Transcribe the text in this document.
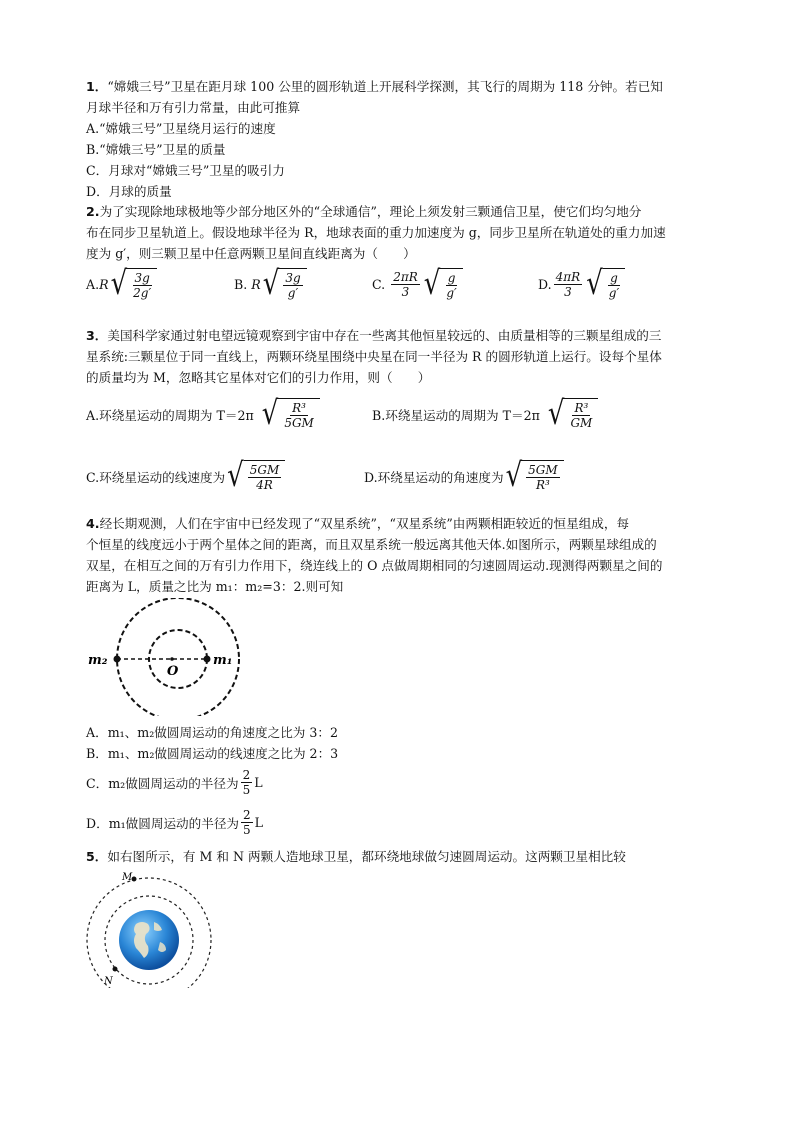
1．“嫦娥三号”卫星在距月球 100 公里的圆形轨道上开展科学探测，其飞行的周期为 118 分钟。若已知
月球半径和万有引力常量，由此可推算
A.“嫦娥三号”卫星绕月运行的速度
B.“嫦娥三号”卫星的质量
C．月球对“嫦娥三号”卫星的吸引力
D．月球的质量
2.为了实现除地球极地等少部分地区外的“全球通信”，理论上须发射三颗通信卫星，使它们均匀地分
布在同步卫星轨道上。假设地球半径为 R，地球表面的重力加速度为 g，同步卫星所在轨道处的重力加速
度为 g′，则三颗卫星中任意两颗卫星间直线距离为（　　）
A. R √ $\frac{3g}{2g'}$	B.
R √ $\frac{3g}{g'}$	C.
$\frac{2\pi R}{3}$ √ $\frac{g}{g'}$	D. $\frac{4\pi R}{3}$ √ $\frac{g}{g'}$
3．美国科学家通过射电望远镜观察到宇宙中存在一些离其他恒星较远的、由质量相等的三颗星组成的三
星系统:三颗星位于同一直线上，两颗环绕星围绕中央星在同一半径为 R 的圆形轨道上运行。设每个星体
的质量均为 M，忽略其它星体对它们的引力作用，则（　　）
A.环绕星运动的周期为 T＝2π √ $\frac{\text{R³}}{5GM}$	B.环绕星运动的周期为 T＝2π √ $\frac{\text{R³}}{GM}$
C.环绕星运动的线速度为 √ $\frac{5GM}{4R}$	D.环绕星运动的角速度为 √ $\frac{5GM}{\text{R³}}$
4.经长期观测，人们在宇宙中已经发现了“双星系统”，“双星系统”由两颗相距较近的恒星组成，每
个恒星的线度远小于两个星体之间的距离，而且双星系统一般远离其他天体.如图所示，两颗星球组成的
双星，在相互之间的万有引力作用下，绕连线上的 O 点做周期相同的匀速圆周运动.现测得两颗星之间的
距离为 L，质量之比为 m₁：m₂=3：2.则可知
m₂	m₁
O
A．m₁、m₂做圆周运动的角速度之比为 3：2
B．m₁、m₂做圆周运动的线速度之比为 2：3
C．m₂做圆周运动的半径为 $\frac{2}{5}$ L
D．m₁做圆周运动的半径为 $\frac{2}{5}$ L
5．如右图所示，有 M 和 N 两颗人造地球卫星，都环绕地球做匀速圆周运动。这两颗卫星相比较
M
N
